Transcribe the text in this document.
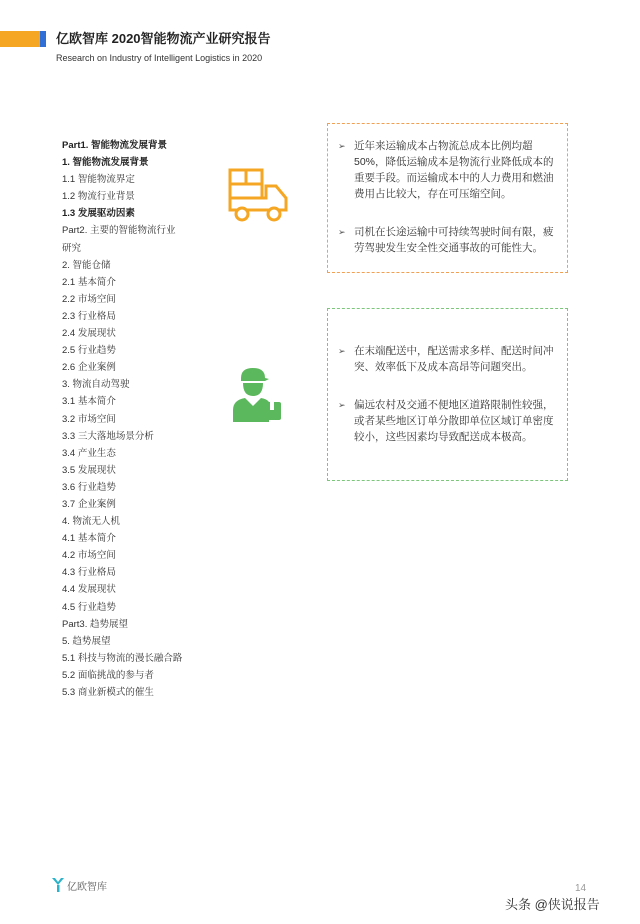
亿欧智库 2020智能物流产业研究报告
Research on Industry of Intelligent Logistics in 2020
Part1. 智能物流发展背景
1. 智能物流发展背景
1.1 智能物流界定
1.2 物流行业背景
1.3 发展驱动因素
Part2. 主要的智能物流行业研究
2. 智能仓储
2.1 基本简介
2.2 市场空间
2.3 行业格局
2.4 发展现状
2.5 行业趋势
2.6 企业案例
3. 物流自动驾驶
3.1 基本简介
3.2 市场空间
3.3 三大落地场景分析
3.4 产业生态
3.5 发展现状
3.6 行业趋势
3.7 企业案例
4. 物流无人机
4.1 基本简介
4.2 市场空间
4.3 行业格局
4.4 发展现状
4.5 行业趋势
Part3. 趋势展望
5. 趋势展望
5.1 科技与物流的漫长融合路
5.2 面临挑战的参与者
5.3 商业新模式的催生
➢ 近年来运输成本占物流总成本比例均超50%，降低运输成本是物流行业降低成本的重要手段。而运输成本中的人力费用和燃油费用占比较大，存在可压缩空间。
➢ 司机在长途运输中可持续驾驶时间有限，疲劳驾驶发生安全性交通事故的可能性大。
➢ 在末端配送中，配送需求多样、配送时间冲突、效率低下及成本高昂等问题突出。
➢ 偏远农村及交通不便地区道路限制性较强，或者某些地区订单分散即单位区域订单密度较小，这些因素均导致配送成本极高。
亿欧智库	14
头条 @侠说报告
